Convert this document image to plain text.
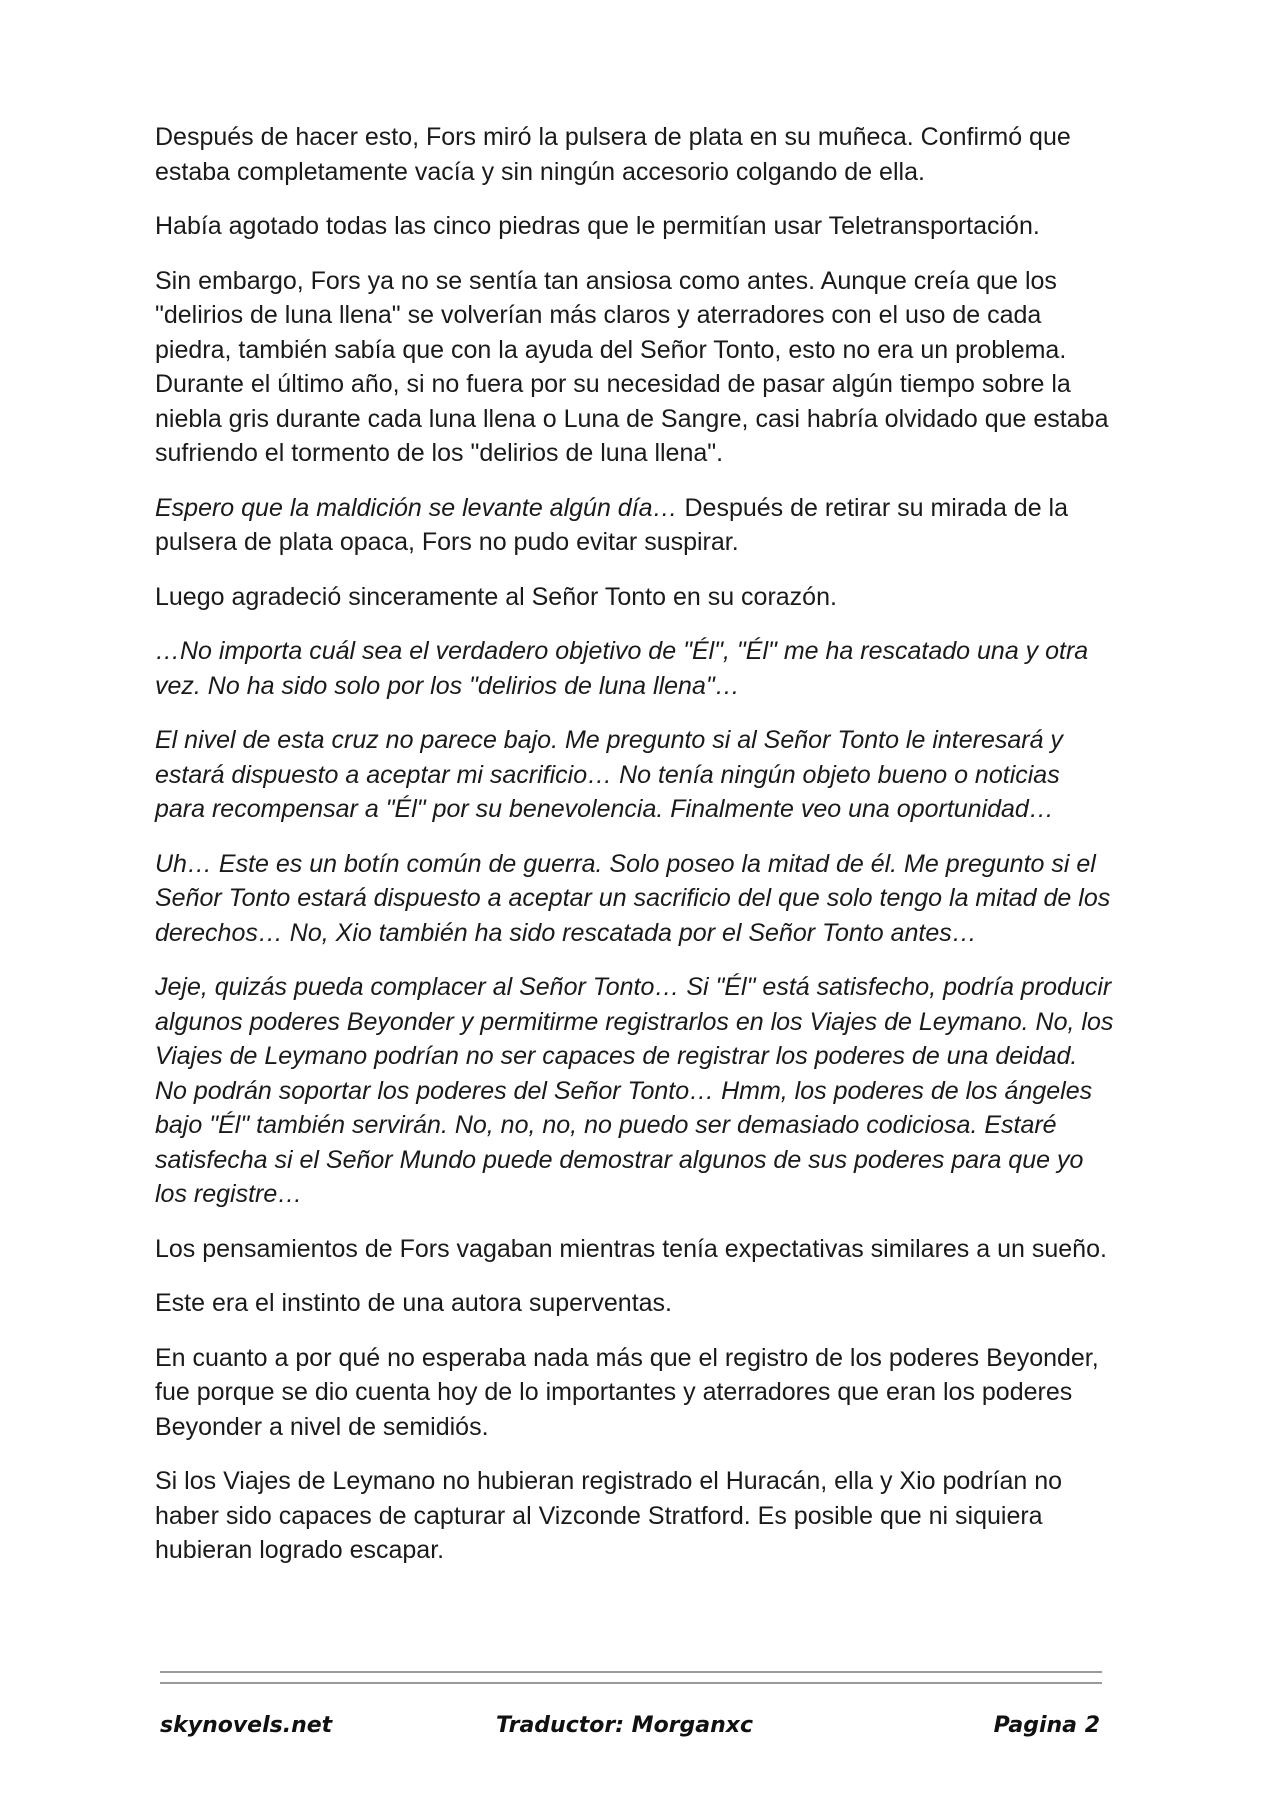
Después de hacer esto, Fors miró la pulsera de plata en su muñeca. Confirmó que estaba completamente vacía y sin ningún accesorio colgando de ella.

Había agotado todas las cinco piedras que le permitían usar Teletransportación.

Sin embargo, Fors ya no se sentía tan ansiosa como antes. Aunque creía que los "delirios de luna llena" se volverían más claros y aterradores con el uso de cada piedra, también sabía que con la ayuda del Señor Tonto, esto no era un problema. Durante el último año, si no fuera por su necesidad de pasar algún tiempo sobre la niebla gris durante cada luna llena o Luna de Sangre, casi habría olvidado que estaba sufriendo el tormento de los "delirios de luna llena".

Espero que la maldición se levante algún día… Después de retirar su mirada de la pulsera de plata opaca, Fors no pudo evitar suspirar.

Luego agradeció sinceramente al Señor Tonto en su corazón.

…No importa cuál sea el verdadero objetivo de "Él", "Él" me ha rescatado una y otra vez. No ha sido solo por los "delirios de luna llena"…

El nivel de esta cruz no parece bajo. Me pregunto si al Señor Tonto le interesará y estará dispuesto a aceptar mi sacrificio… No tenía ningún objeto bueno o noticias para recompensar a "Él" por su benevolencia. Finalmente veo una oportunidad…

Uh… Este es un botín común de guerra. Solo poseo la mitad de él. Me pregunto si el Señor Tonto estará dispuesto a aceptar un sacrificio del que solo tengo la mitad de los derechos… No, Xio también ha sido rescatada por el Señor Tonto antes…

Jeje, quizás pueda complacer al Señor Tonto… Si "Él" está satisfecho, podría producir algunos poderes Beyonder y permitirme registrarlos en los Viajes de Leymano. No, los Viajes de Leymano podrían no ser capaces de registrar los poderes de una deidad. No podrán soportar los poderes del Señor Tonto… Hmm, los poderes de los ángeles bajo "Él" también servirán. No, no, no, no puedo ser demasiado codiciosa. Estaré satisfecha si el Señor Mundo puede demostrar algunos de sus poderes para que yo los registre…

Los pensamientos de Fors vagaban mientras tenía expectativas similares a un sueño.

Este era el instinto de una autora superventas.

En cuanto a por qué no esperaba nada más que el registro de los poderes Beyonder, fue porque se dio cuenta hoy de lo importantes y aterradores que eran los poderes Beyonder a nivel de semidiós.

Si los Viajes de Leymano no hubieran registrado el Huracán, ella y Xio podrían no haber sido capaces de capturar al Vizconde Stratford. Es posible que ni siquiera hubieran logrado escapar.

skynovels.net	Traductor: Morganxc	Pagina 2
